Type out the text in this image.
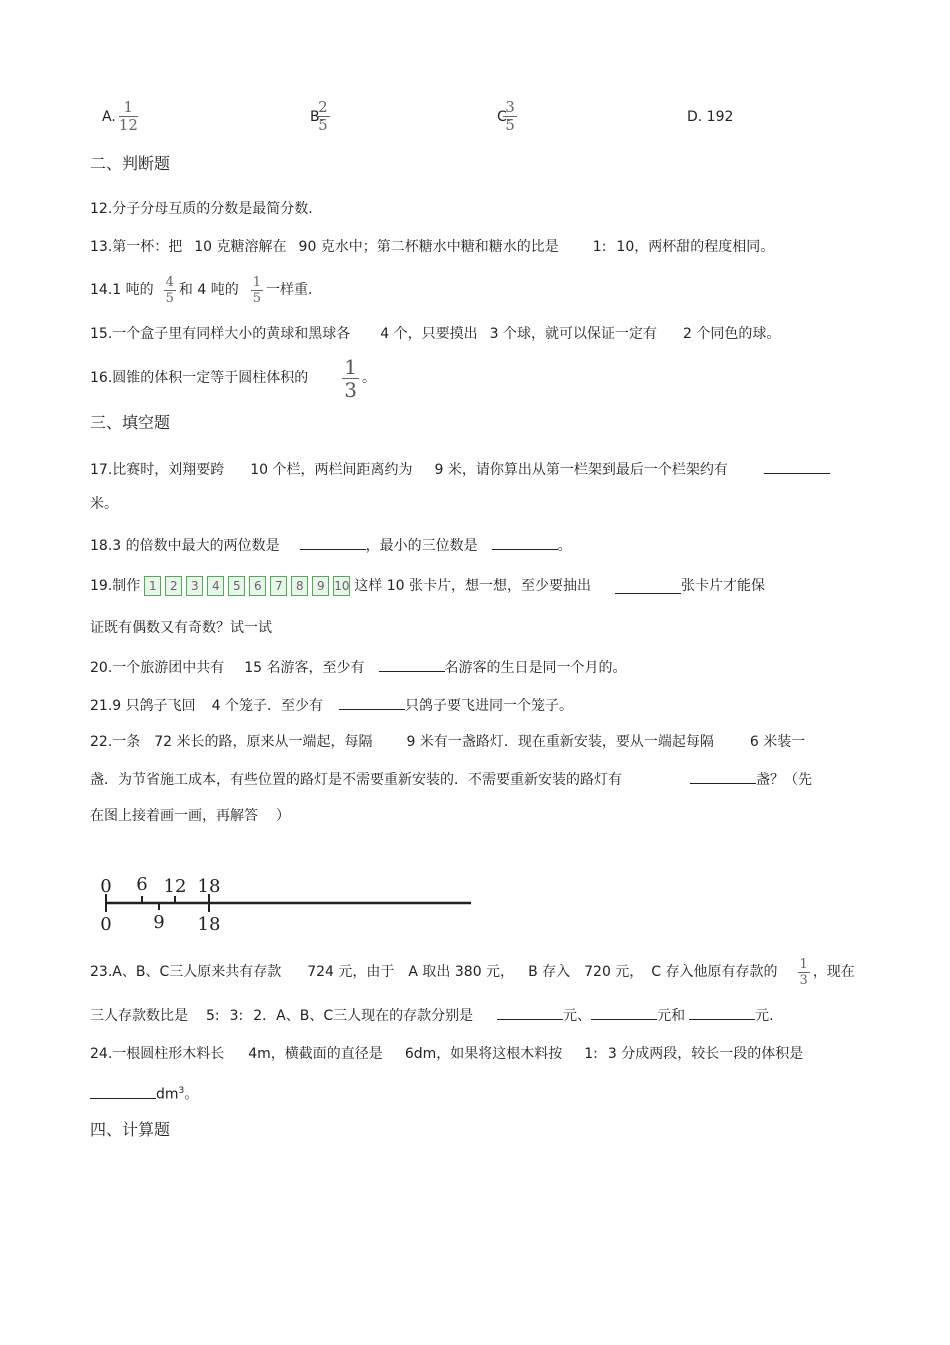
A. $\frac{1}{12}$	B.
$\frac{2}{5}$	C.
$\frac{3}{5}$	D. 192
二、判断题
12.分子分母互质的分数是最简分数.
13.第一杯：把 10 克糖溶解在 90 克水中；第二杯糖水中糖和糖水的比是 1: 10，两杯甜的程度相同。
14.1 吨的 $\frac{4}{5}$ 和 4 吨的 $\frac{1}{5}$ 一样重.
15.一个盒子里有同样大小的黄球和黑球各 4 个，只要摸出 3 个球，就可以保证一定有 2 个同色的球。
16.圆锥的体积一定等于圆柱体积的 $\frac{1}{3}$ 。
三、填空题
17.比赛时，刘翔要跨 10 个栏，两栏间距离约为 9 米，请你算出从第一栏架到最后一个栏架约有
米。
18.3 的倍数中最大的两位数是	，最小的三位数是	。
19.制作 1	2	3	4	5	6	7	8	9 10 这样 10 张卡片，想一想，至少要抽出	张卡片才能保
证既有偶数又有奇数？试一试
20.一个旅游团中共有 15 名游客，至少有	名游客的生日是同一个月的。
21.9 只鸽子飞回 4 个笼子．至少有	只鸽子要飞进同一个笼子。
22.一条 72 米长的路，原来从一端起，每隔 9 米有一盏路灯．现在重新安装，要从一端起每隔	6 米装一
盏．为节省施工成本，有些位置的路灯是不需要重新安装的．不需要重新安装的路灯有	盏？（先
在图上接着画一画，再解答 ）
0 6 12 18
0 9 18
23.A、B、C三人原来共有存款 724 元，由于 A 取出 380 元， B 存入 720 元， C 存入他原有存款的 $\frac{1}{3}$ ，现在
三人存款数比是 5: 3: 2．A、B、C三人现在的存款分别是	元、	元和	元.
24.一根圆柱形木料长 4m，横截面的直径是 6dm，如果将这根木料按 1: 3 分成两段，较长一段的体积是
$dm^3$。
四、计算题
